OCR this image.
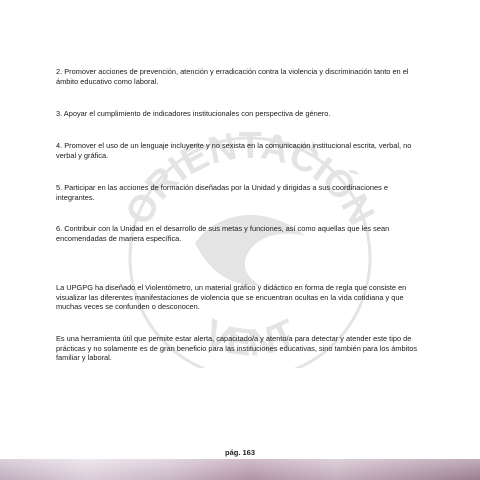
ORIENTACIÓN
VENT

2. Promover acciones de prevención, atención y erradicación contra la violencia y discriminación tanto en el ámbito educativo como laboral.

3. Apoyar el cumplimiento de indicadores institucionales con perspectiva de género.

4. Promover el uso de un lenguaje incluyente y no sexista en la comunicación institucional escrita, verbal, no verbal y gráfica.

5. Participar en las acciones de formación diseñadas por la Unidad y dirigidas a sus coordinaciones e integrantes.

6. Contribuir con la Unidad en el desarrollo de sus metas y funciones, así como aquellas que les sean encomendadas de manera específica.

La UPGPG ha diseñado el Violentómetro, un material gráfico y didáctico en forma de regla que consiste en visualizar las diferentes manifestaciones de violencia que se encuentran ocultas en la vida cotidiana y que muchas veces se confunden o desconocen.

Es una herramienta útil que permite estar alerta, capacitado/a y atento/a para detectar y atender este tipo de prácticas y no solamente es de gran beneficio para las instituciones educativas, sino también para los ámbitos familiar y laboral.

pág. 163
